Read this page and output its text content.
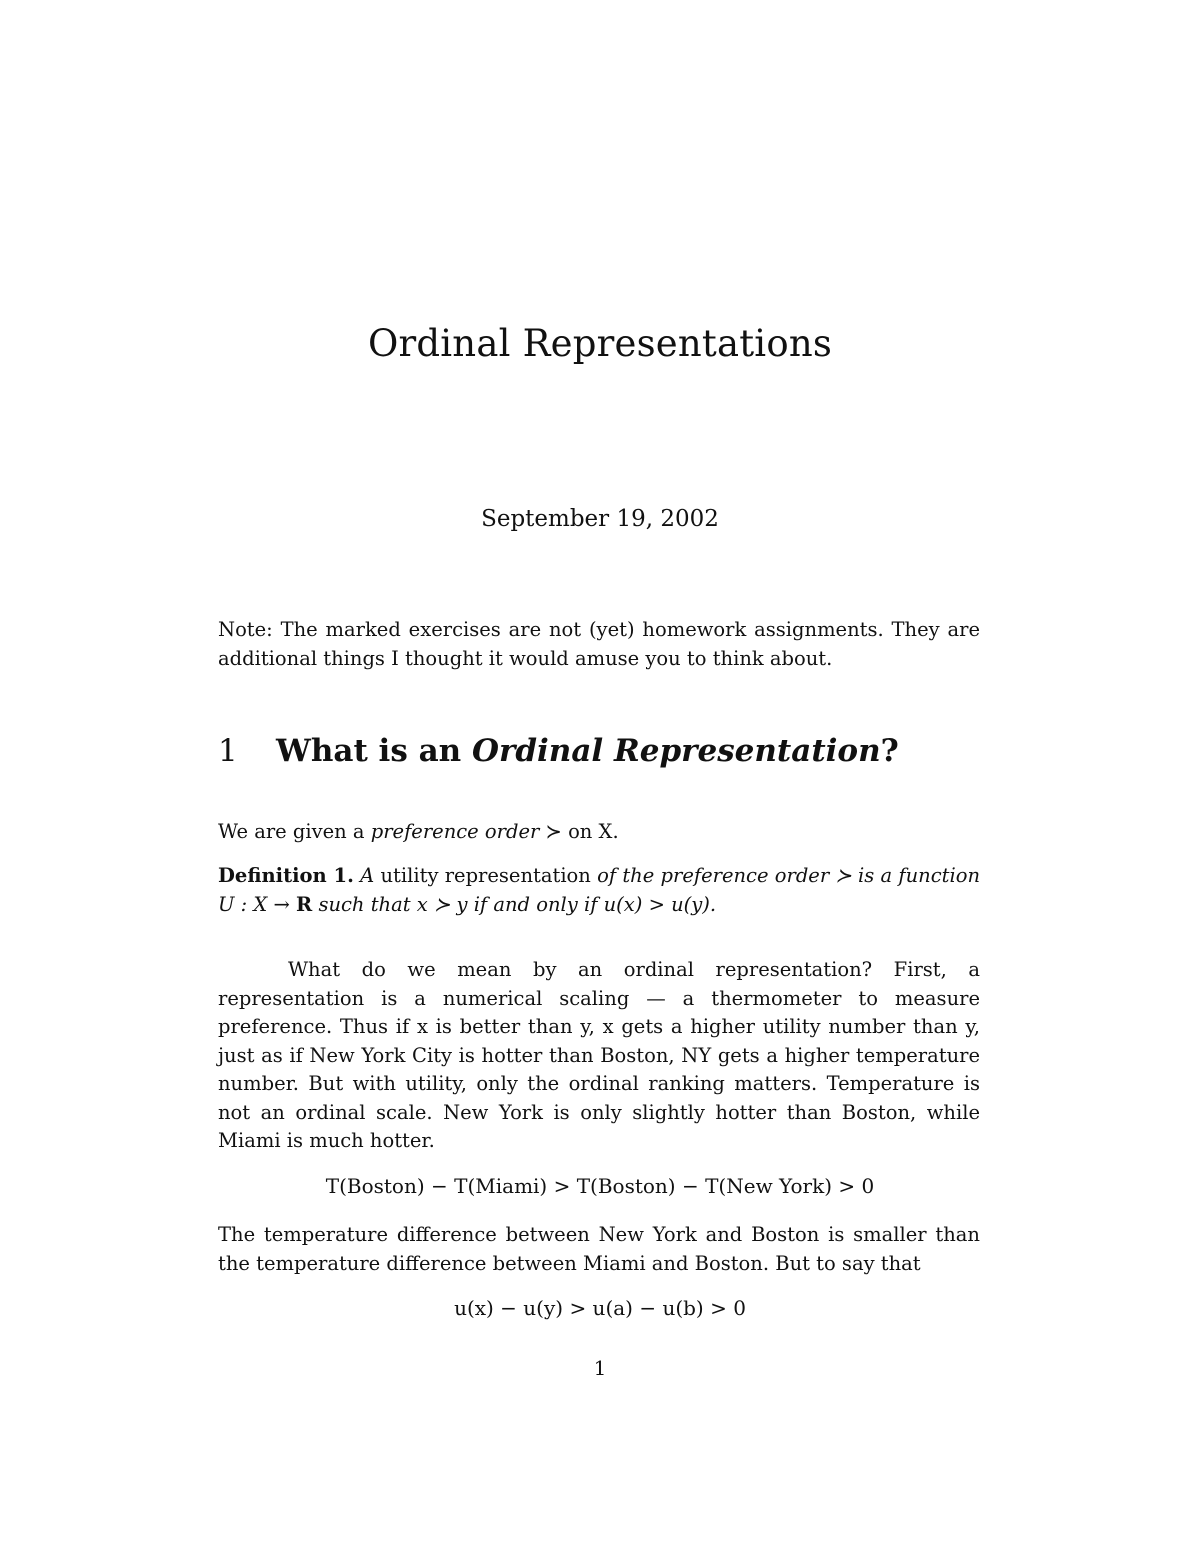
Ordinal Representations
September 19, 2002
Note: The marked exercises are not (yet) homework assignments. They are additional things I thought it would amuse you to think about.
1 What is an Ordinal Representation?
We are given a preference order ≻ on X.
Definition 1. A utility representation of the preference order ≻ is a function U : X → R such that x ≻ y if and only if u(x) > u(y).

What do we mean by an ordinal representation? First, a representation is a numerical scaling — a thermometer to measure preference. Thus if x is better than y, x gets a higher utility number than y, just as if New York City is hotter than Boston, NY gets a higher temperature number. But with utility, only the ordinal ranking matters. Temperature is not an ordinal scale. New York is only slightly hotter than Boston, while Miami is much hotter.

T(Boston) − T(Miami) > T(Boston) − T(New York) > 0
The temperature difference between New York and Boston is smaller than the temperature difference between Miami and Boston. But to say that
u(x) − u(y) > u(a) − u(b) > 0
1
